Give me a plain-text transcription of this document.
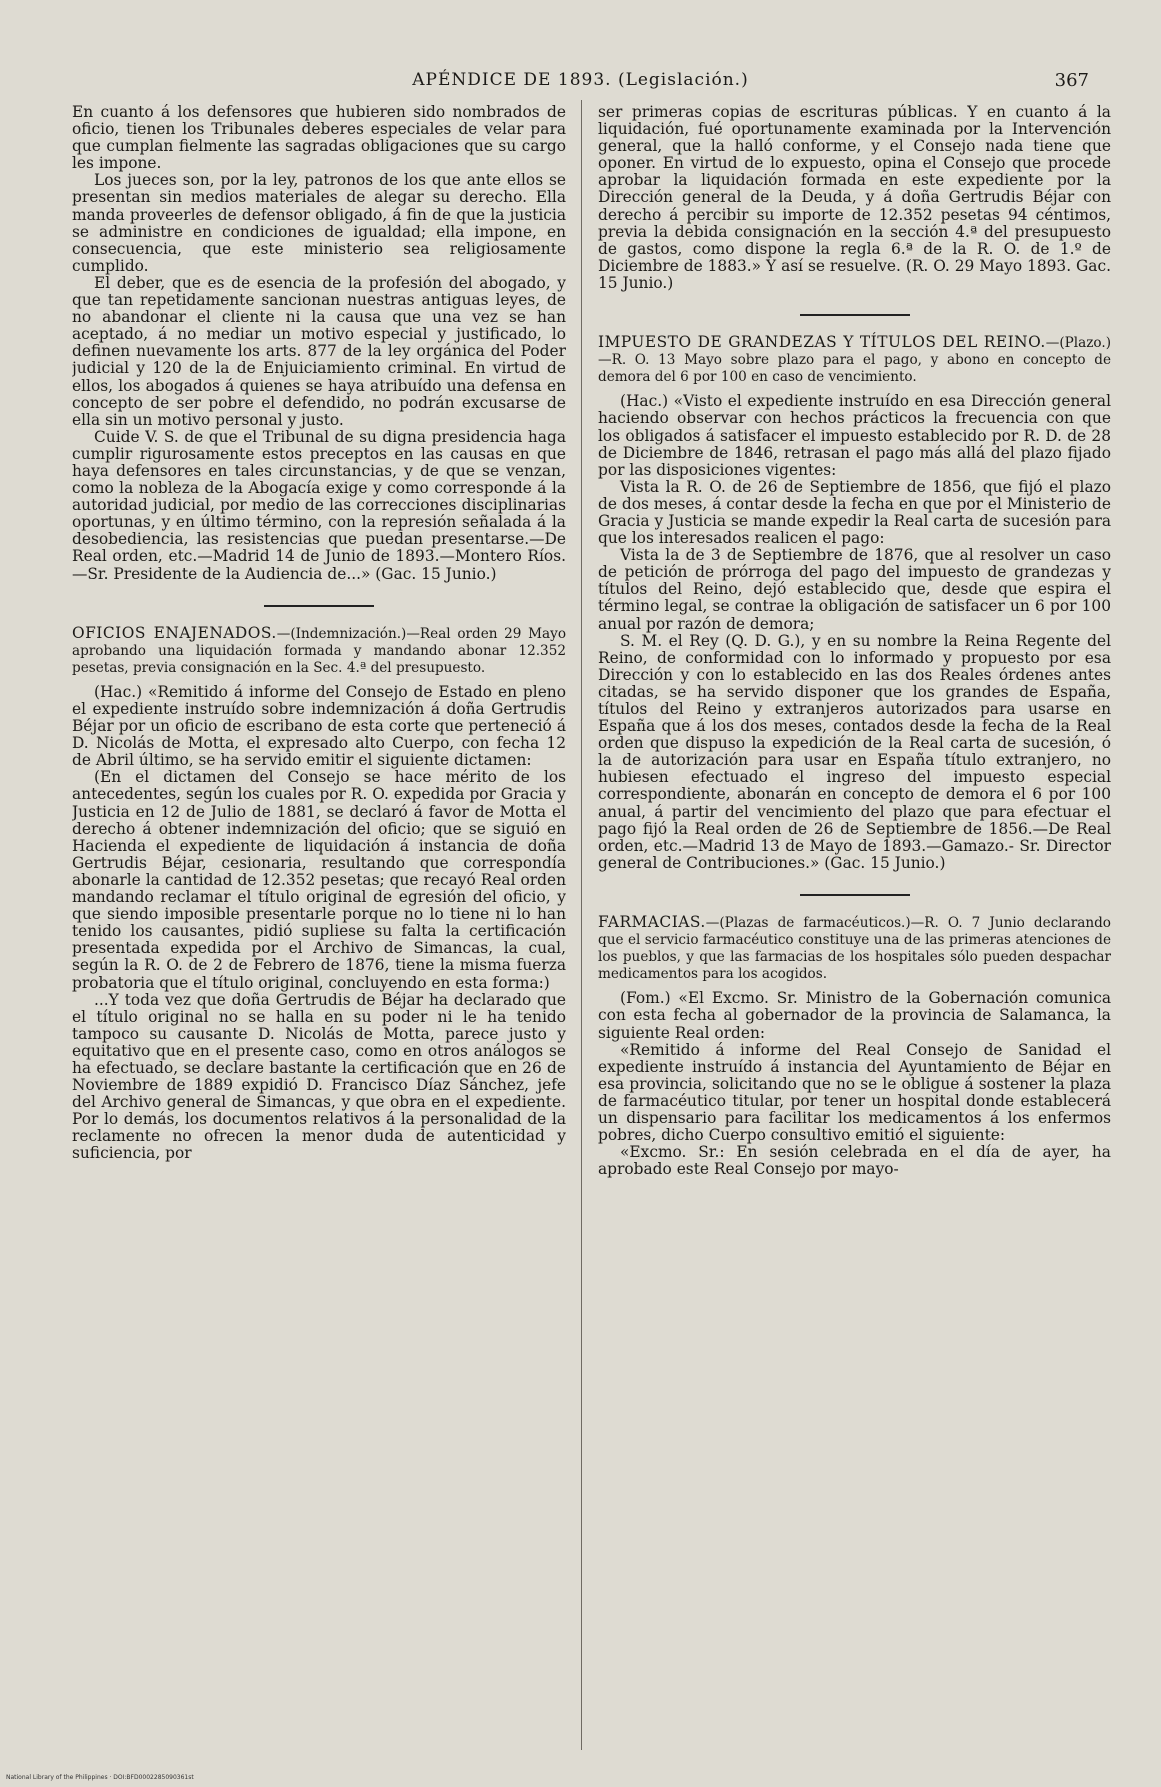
APÉNDICE DE 1893. (Legislación.)	367

En cuanto á los defensores que hubieren sido nombrados de oficio, tienen los Tribunales deberes especiales de velar para que cumplan fielmente las sagradas obligaciones que su cargo les impone.

Los jueces son, por la ley, patronos de los que ante ellos se presentan sin medios materiales de alegar su derecho. Ella manda proveerles de defensor obligado, á fin de que la justicia se administre en condiciones de igualdad; ella impone, en consecuencia, que este ministerio sea religiosamente cumplido.

El deber, que es de esencia de la profesión del abogado, y que tan repetidamente sancionan nuestras antiguas leyes, de no abandonar el cliente ni la causa que una vez se han aceptado, á no mediar un motivo especial y justificado, lo definen nuevamente los arts. 877 de la ley orgánica del Poder judicial y 120 de la de Enjuiciamiento criminal. En virtud de ellos, los abogados á quienes se haya atribuído una defensa en concepto de ser pobre el defendido, no podrán excusarse de ella sin un motivo personal y justo.

Cuide V. S. de que el Tribunal de su digna presidencia haga cumplir rigurosamente estos preceptos en las causas en que haya defensores en tales circunstancias, y de que se venzan, como la nobleza de la Abogacía exige y como corresponde á la autoridad judicial, por medio de las correcciones disciplinarias oportunas, y en último término, con la represión señalada á la desobediencia, las resistencias que puedan presentarse.—De Real orden, etc.—Madrid 14 de Junio de 1893.—Montero Ríos.—Sr. Presidente de la Audiencia de...» (Gac. 15 Junio.)

OFICIOS ENAJENADOS.—(Indemnización.)—Real orden 29 Mayo aprobando una liquidación formada y mandando abonar 12.352 pesetas, previa consignación en la Sec. 4.ª del presupuesto.

(Hac.) «Remitido á informe del Consejo de Estado en pleno el expediente instruído sobre indemnización á doña Gertrudis Béjar por un oficio de escribano de esta corte que perteneció á D. Nicolás de Motta, el expresado alto Cuerpo, con fecha 12 de Abril último, se ha servido emitir el siguiente dictamen:

(En el dictamen del Consejo se hace mérito de los antecedentes, según los cuales por R. O. expedida por Gracia y Justicia en 12 de Julio de 1881, se declaró á favor de Motta el derecho á obtener indemnización del oficio; que se siguió en Hacienda el expediente de liquidación á instancia de doña Gertrudis Béjar, cesionaria, resultando que correspondía abonarle la cantidad de 12.352 pesetas; que recayó Real orden mandando reclamar el título original de egresión del oficio, y que siendo imposible presentarle porque no lo tiene ni lo han tenido los causantes, pidió supliese su falta la certificación presentada expedida por el Archivo de Simancas, la cual, según la R. O. de 2 de Febrero de 1876, tiene la misma fuerza probatoria que el título original, concluyendo en esta forma:)

...Y toda vez que doña Gertrudis de Béjar ha declarado que el título original no se halla en su poder ni le ha tenido tampoco su causante D. Nicolás de Motta, parece justo y equitativo que en el presente caso, como en otros análogos se ha efectuado, se declare bastante la certificación que en 26 de Noviembre de 1889 expidió D. Francisco Díaz Sánchez, jefe del Archivo general de Simancas, y que obra en el expediente. Por lo demás, los documentos relativos á la personalidad de la reclamente no ofrecen la menor duda de autenticidad y suficiencia, por

ser primeras copias de escrituras públicas. Y en cuanto á la liquidación, fué oportunamente examinada por la Intervención general, que la halló conforme, y el Consejo nada tiene que oponer. En virtud de lo expuesto, opina el Consejo que procede aprobar la liquidación formada en este expediente por la Dirección general de la Deuda, y á doña Gertrudis Béjar con derecho á percibir su importe de 12.352 pesetas 94 céntimos, previa la debida consignación en la sección 4.ª del presupuesto de gastos, como dispone la regla 6.ª de la R. O. de 1.º de Diciembre de 1883.» Y así se resuelve. (R. O. 29 Mayo 1893. Gac. 15 Junio.)

IMPUESTO DE GRANDEZAS Y TÍTULOS DEL REINO.—(Plazo.)—R. O. 13 Mayo sobre plazo para el pago, y abono en concepto de demora del 6 por 100 en caso de vencimiento.

(Hac.) «Visto el expediente instruído en esa Dirección general haciendo observar con hechos prácticos la frecuencia con que los obligados á satisfacer el impuesto establecido por R. D. de 28 de Diciembre de 1846, retrasan el pago más allá del plazo fijado por las disposiciones vigentes:

Vista la R. O. de 26 de Septiembre de 1856, que fijó el plazo de dos meses, á contar desde la fecha en que por el Ministerio de Gracia y Justicia se mande expedir la Real carta de sucesión para que los interesados realicen el pago:

Vista la de 3 de Septiembre de 1876, que al resolver un caso de petición de prórroga del pago del impuesto de grandezas y títulos del Reino, dejó establecido que, desde que espira el término legal, se contrae la obligación de satisfacer un 6 por 100 anual por razón de demora;

S. M. el Rey (Q. D. G.), y en su nombre la Reina Regente del Reino, de conformidad con lo informado y propuesto por esa Dirección y con lo establecido en las dos Reales órdenes antes citadas, se ha servido disponer que los grandes de España, títulos del Reino y extranjeros autorizados para usarse en España que á los dos meses, contados desde la fecha de la Real orden que dispuso la expedición de la Real carta de sucesión, ó la de autorización para usar en España título extranjero, no hubiesen efectuado el ingreso del impuesto especial correspondiente, abonarán en concepto de demora el 6 por 100 anual, á partir del vencimiento del plazo que para efectuar el pago fijó la Real orden de 26 de Septiembre de 1856.—De Real orden, etc.—Madrid 13 de Mayo de 1893.—Gamazo.- Sr. Director general de Contribuciones.» (Gac. 15 Junio.)

FARMACIAS.—(Plazas de farmacéuticos.)—R. O. 7 Junio declarando que el servicio farmacéutico constituye una de las primeras atenciones de los pueblos, y que las farmacias de los hospitales sólo pueden despachar medicamentos para los acogidos.

(Fom.) «El Excmo. Sr. Ministro de la Gobernación comunica con esta fecha al gobernador de la provincia de Salamanca, la siguiente Real orden:

«Remitido á informe del Real Consejo de Sanidad el expediente instruído á instancia del Ayuntamiento de Béjar en esa provincia, solicitando que no se le obligue á sostener la plaza de farmacéutico titular, por tener un hospital donde establecerá un dispensario para facilitar los medicamentos á los enfermos pobres, dicho Cuerpo consultivo emitió el siguiente:

«Excmo. Sr.: En sesión celebrada en el día de ayer, ha aprobado este Real Consejo por mayo-

National Library of the Philippines · DOI:BFD0002285090361st
